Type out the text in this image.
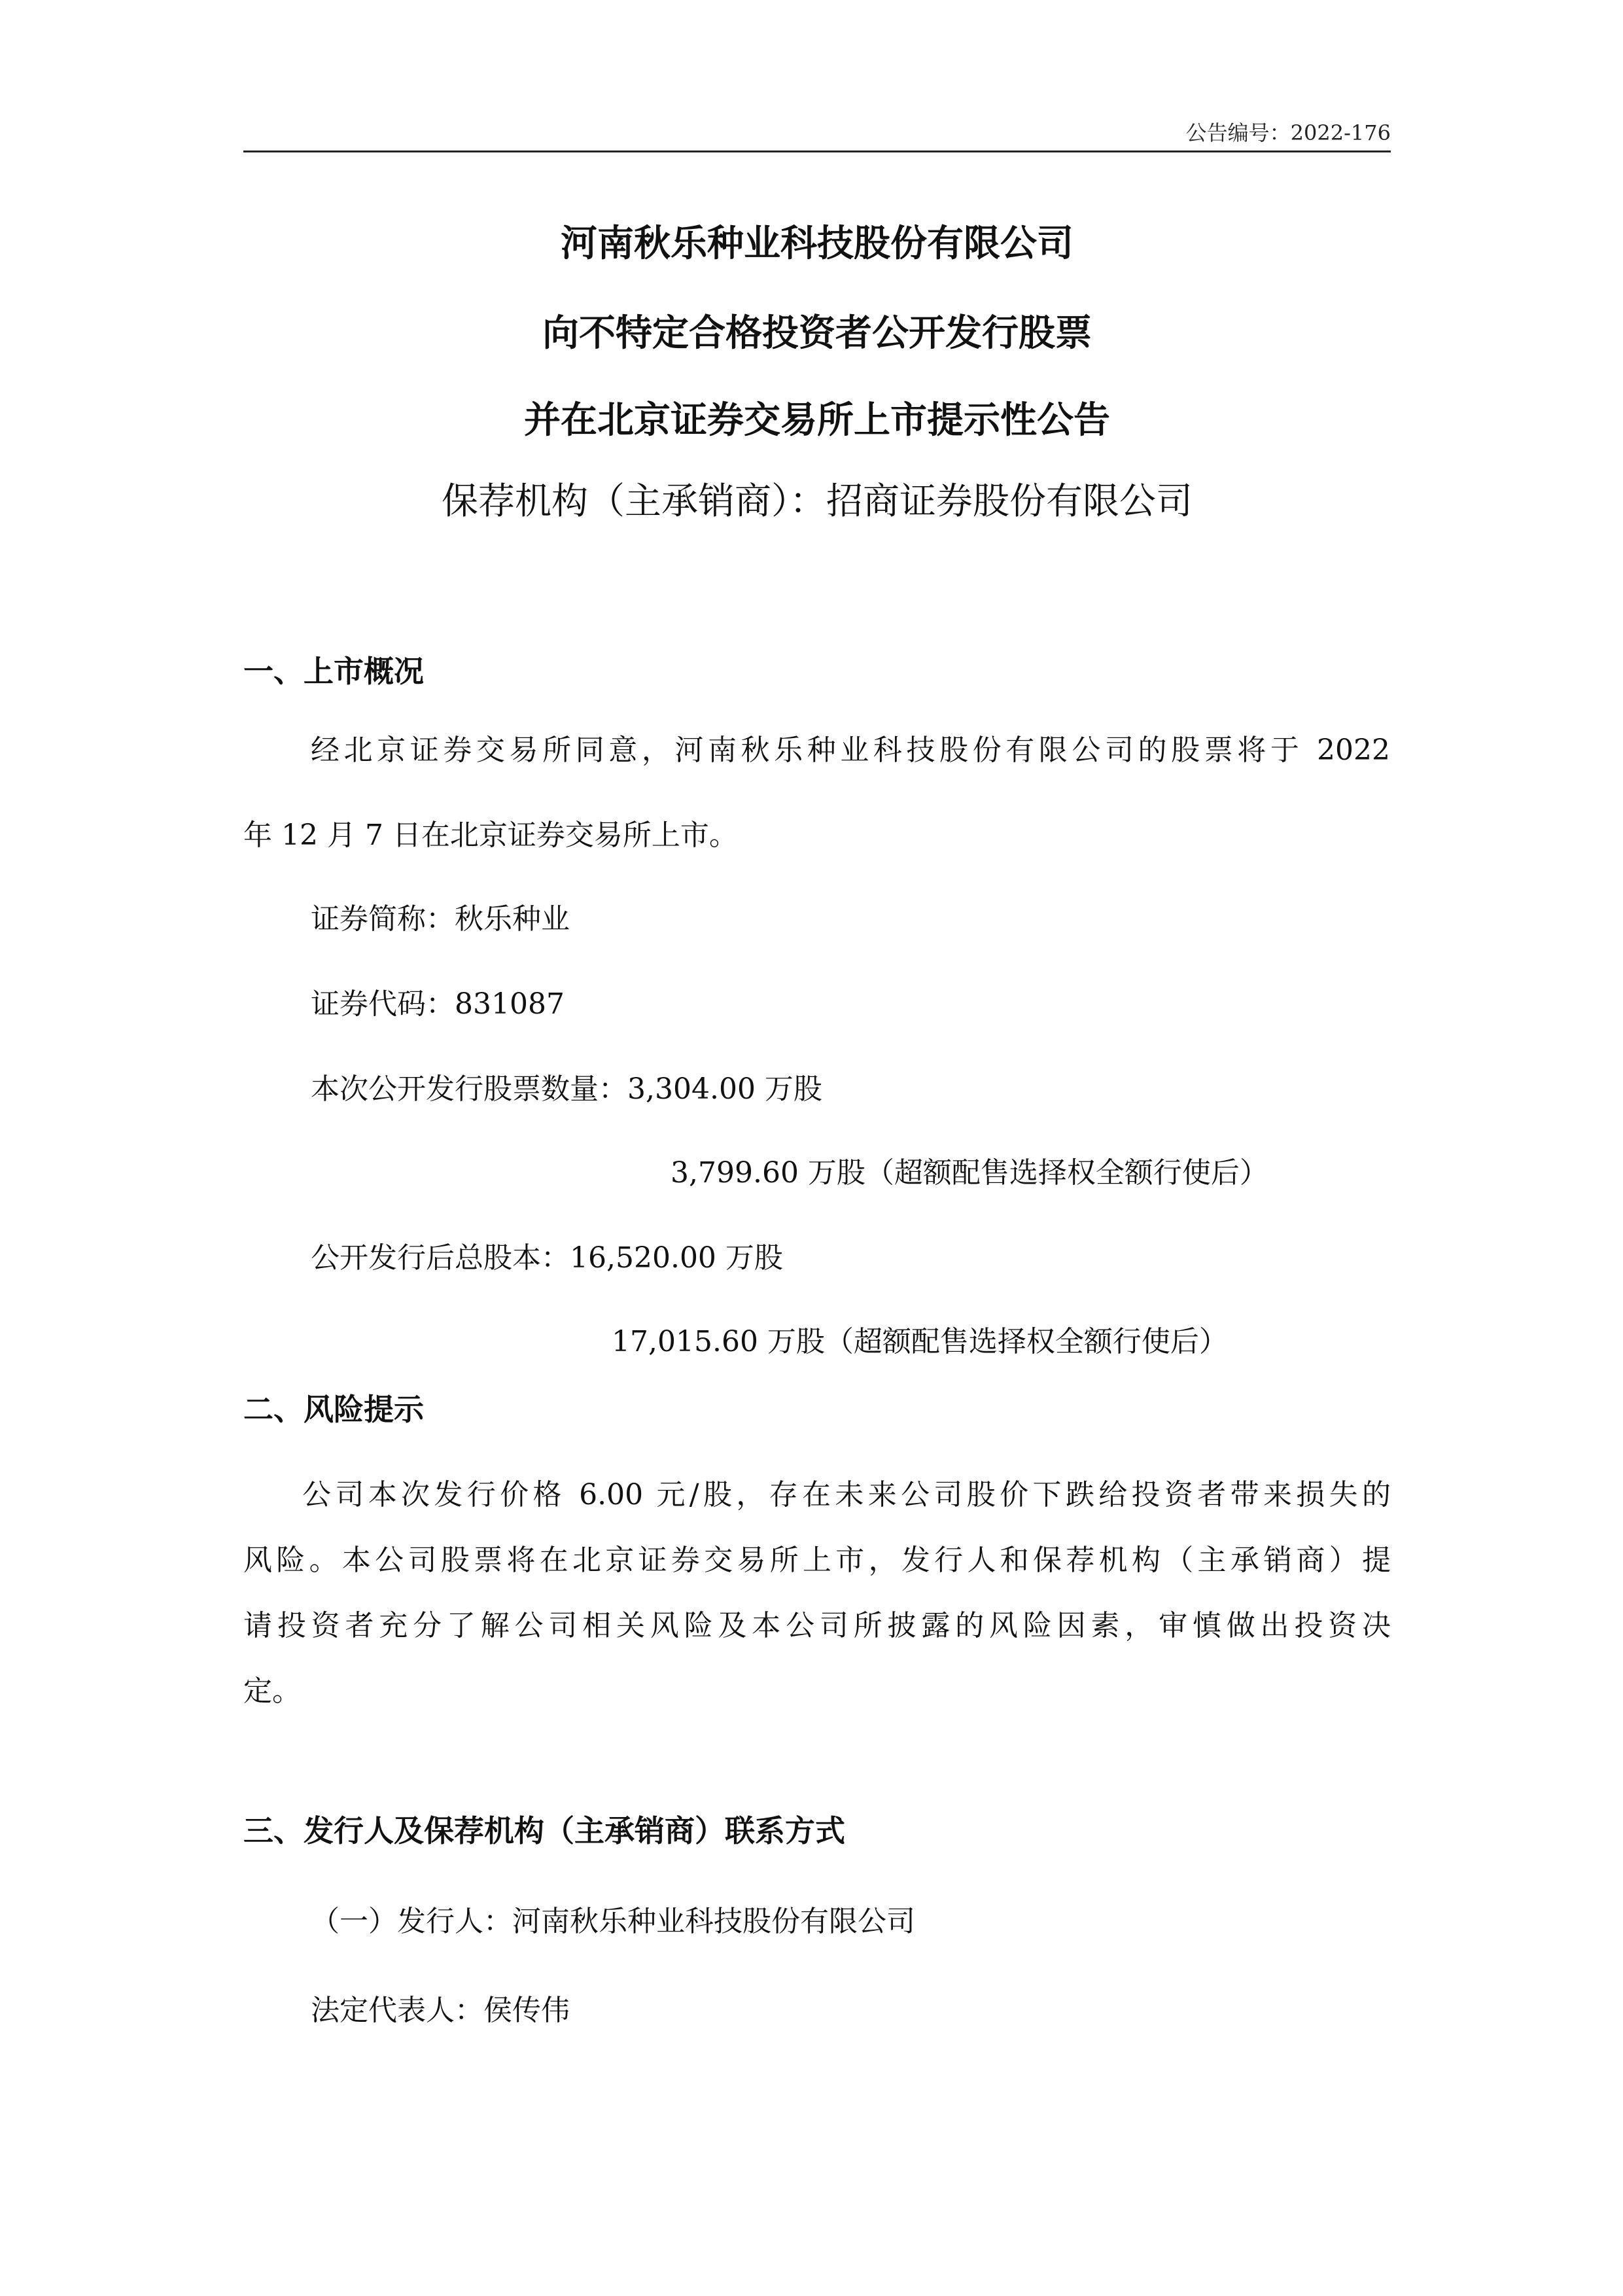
公告编号：2022-176
河南秋乐种业科技股份有限公司
向不特定合格投资者公开发行股票
并在北京证券交易所上市提示性公告
保荐机构（主承销商）：招商证券股份有限公司
一、上市概况
经北京证券交易所同意，河南秋乐种业科技股份有限公司的股票将于 2022
年 12 月 7 日在北京证券交易所上市。
证券简称：秋乐种业
证券代码：831087
本次公开发行股票数量：3,304.00 万股
3,799.60 万股（超额配售选择权全额行使后）
公开发行后总股本：16,520.00 万股
17,015.60 万股（超额配售选择权全额行使后）
二、风险提示
公司本次发行价格 6.00 元/股，存在未来公司股价下跌给投资者带来损失的
风险。本公司股票将在北京证券交易所上市，发行人和保荐机构（主承销商）提
请投资者充分了解公司相关风险及本公司所披露的风险因素，审慎做出投资决
定。
三、发行人及保荐机构（主承销商）联系方式
（一）发行人：河南秋乐种业科技股份有限公司
法定代表人：侯传伟
